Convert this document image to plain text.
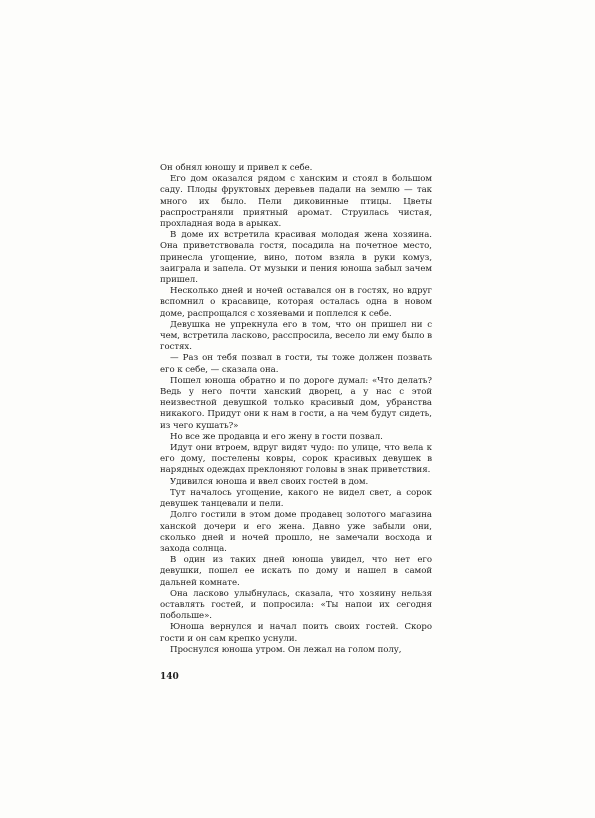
Он обнял юношу и привел к себе.

Его дом оказался рядом с ханским и стоял в большом саду. Плоды фруктовых деревьев падали на землю — так много их было. Пели диковинные птицы. Цветы распространяли приятный аромат. Струилась чистая, прохладная вода в арыках.

В доме их встретила красивая молодая жена хозяина. Она приветствовала гостя, посадила на почетное место, принесла угощение, вино, потом взяла в руки комуз, заиграла и запела. От музыки и пения юноша забыл зачем пришел.

Несколько дней и ночей оставался он в гостях, но вдруг вспомнил о красавице, которая осталась одна в новом доме, распрощался с хозяевами и поплелся к себе.

Девушка не упрекнула его в том, что он пришел ни с чем, встретила ласково, расспросила, весело ли ему было в гостях.

— Раз он тебя позвал в гости, ты тоже должен позвать его к себе, — сказала она.

Пошел юноша обратно и по дороге думал: «Что делать? Ведь у него почти ханский дворец, а у нас с этой неизвестной девушкой только красивый дом, убранства никакого. Придут они к нам в гости, а на чем будут сидеть, из чего кушать?»

Но все же продавца и его жену в гости позвал.

Идут они втроем, вдруг видят чудо: по улице, что вела к его дому, постелены ковры, сорок красивых девушек в нарядных одеждах преклоняют головы в знак приветствия.

Удивился юноша и ввел своих гостей в дом.

Тут началось угощение, какого не видел свет, а сорок девушек танцевали и пели.

Долго гостили в этом доме продавец золотого магазина ханской дочери и его жена. Давно уже забыли они, сколько дней и ночей прошло, не замечали восхода и захода солнца.

В один из таких дней юноша увидел, что нет его девушки, пошел ее искать по дому и нашел в самой дальней комнате.

Она ласково улыбнулась, сказала, что хозяину нельзя оставлять гостей, и попросила: «Ты напои их сегодня побольше».

Юноша вернулся и начал поить своих гостей. Скоро гости и он сам крепко уснули.

Проснулся юноша утром. Он лежал на голом полу,

140
